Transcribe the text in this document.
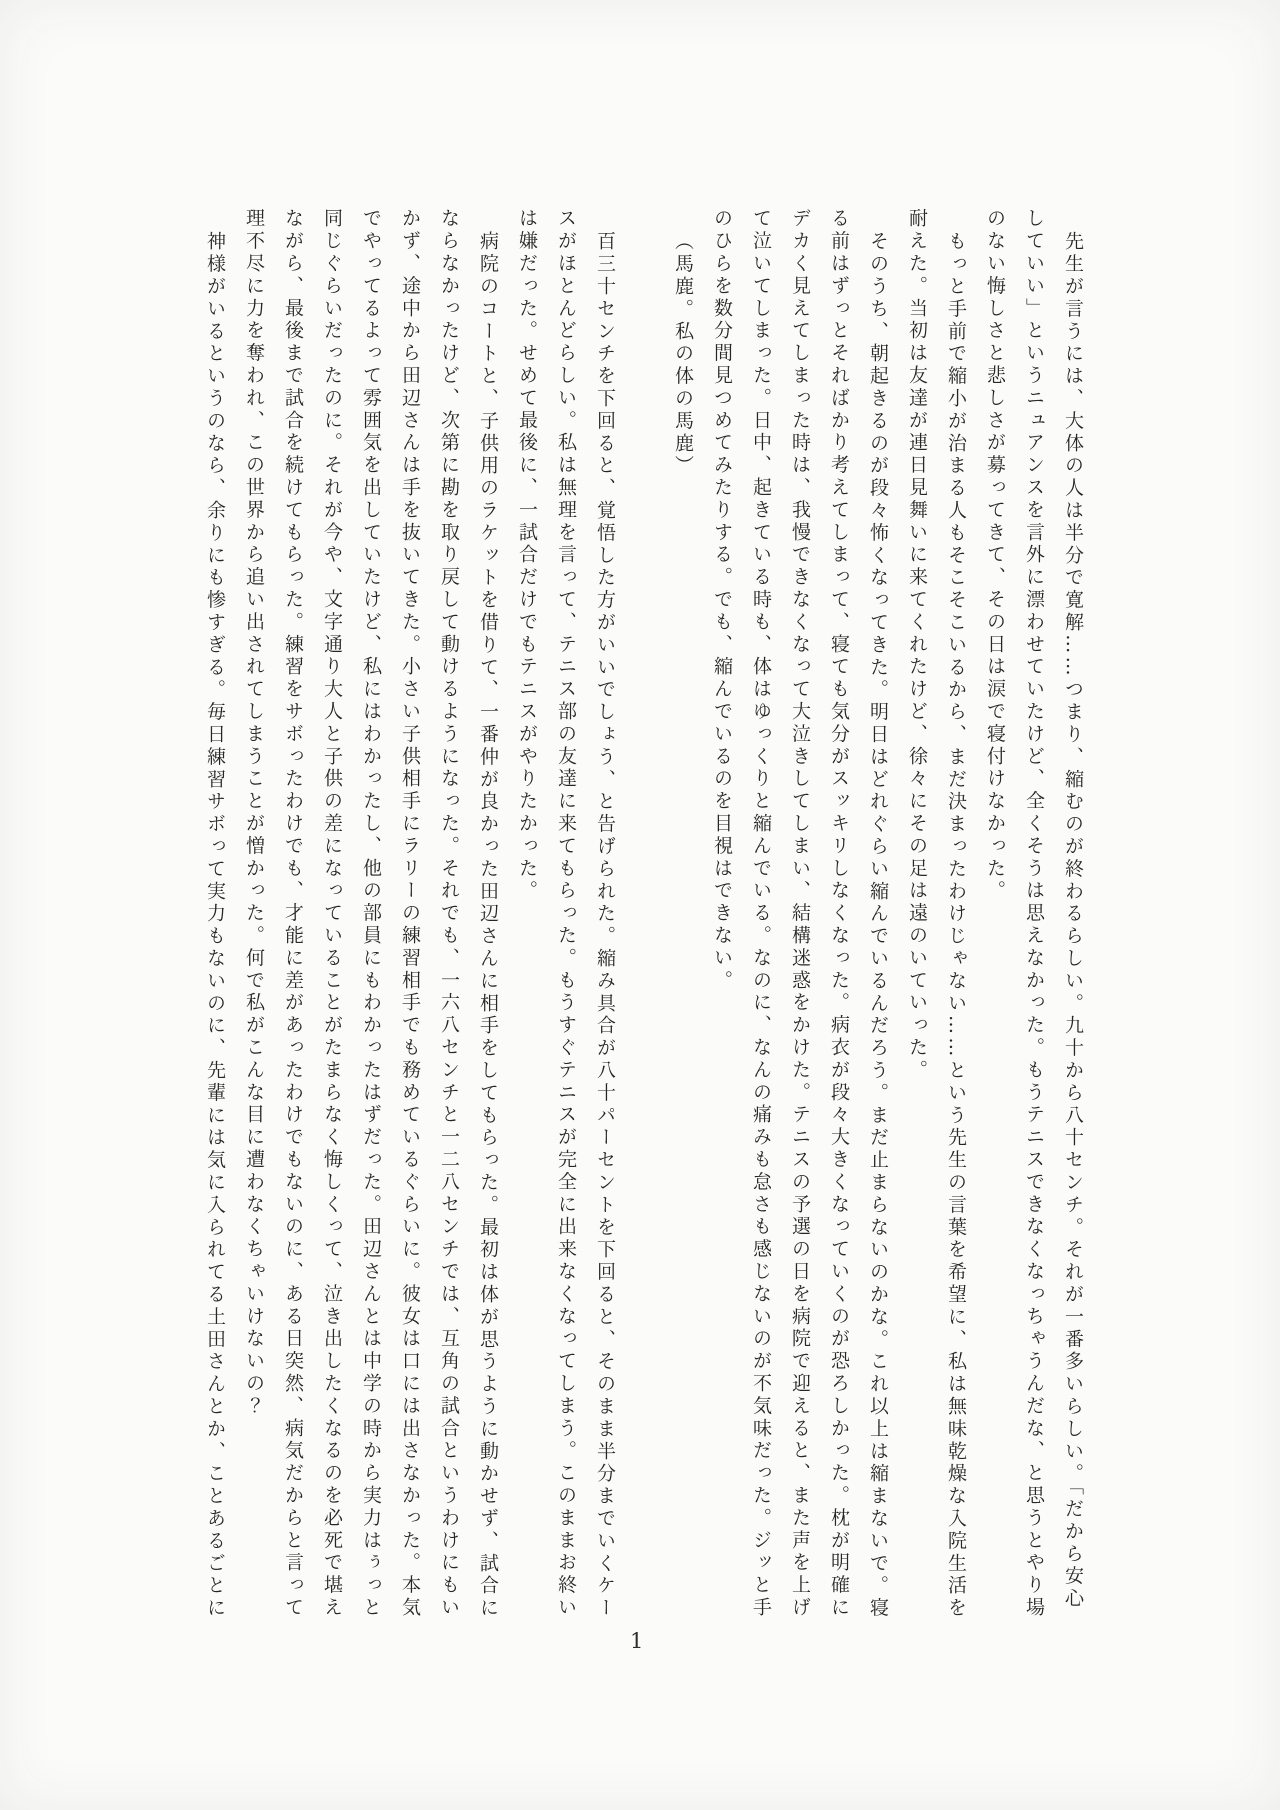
先生が言うには、大体の人は半分で寛解……つまり、縮むのが終わるらしい。九十から八十センチ。それが一番多いらしい。「だから安心していい」というニュアンスを言外に漂わせていたけど、全くそうは思えなかった。もうテニスできなくなっちゃうんだな、と思うとやり場のない悔しさと悲しさが募ってきて、その日は涙で寝付けなかった。

もっと手前で縮小が治まる人もそこそこいるから、まだ決まったわけじゃない……という先生の言葉を希望に、私は無味乾燥な入院生活を耐えた。当初は友達が連日見舞いに来てくれたけど、徐々にその足は遠のいていった。

そのうち、朝起きるのが段々怖くなってきた。明日はどれぐらい縮んでいるんだろう。まだ止まらないのかな。これ以上は縮まないで。寝る前はずっとそればかり考えてしまって、寝ても気分がスッキリしなくなった。病衣が段々大きくなっていくのが恐ろしかった。枕が明確にデカく見えてしまった時は、我慢できなくなって大泣きしてしまい、結構迷惑をかけた。テニスの予選の日を病院で迎えると、また声を上げて泣いてしまった。日中、起きている時も、体はゆっくりと縮んでいる。なのに、なんの痛みも怠さも感じないのが不気味だった。ジッと手のひらを数分間見つめてみたりする。でも、縮んでいるのを目視はできない。

（馬鹿。私の体の馬鹿）

百三十センチを下回ると、覚悟した方がいいでしょう、と告げられた。縮み具合が八十パーセントを下回ると、そのまま半分までいくケースがほとんどらしい。私は無理を言って、テニス部の友達に来てもらった。もうすぐテニスが完全に出来なくなってしまう。このままお終いは嫌だった。せめて最後に、一試合だけでもテニスがやりたかった。

病院のコートと、子供用のラケットを借りて、一番仲が良かった田辺さんに相手をしてもらった。最初は体が思うように動かせず、試合にならなかったけど、次第に勘を取り戻して動けるようになった。それでも、一六八センチと一二八センチでは、互角の試合というわけにもいかず、途中から田辺さんは手を抜いてきた。小さい子供相手にラリーの練習相手でも務めているぐらいに。彼女は口には出さなかった。本気でやってるよって雰囲気を出していたけど、私にはわかったし、他の部員にもわかったはずだった。田辺さんとは中学の時から実力はぅっと同じぐらいだったのに。それが今や、文字通り大人と子供の差になっていることがたまらなく悔しくって、泣き出したくなるのを必死で堪えながら、最後まで試合を続けてもらった。練習をサボったわけでも、才能に差があったわけでもないのに、ある日突然、病気だからと言って理不尽に力を奪われ、この世界から追い出されてしまうことが憎かった。何で私がこんな目に遭わなくちゃいけないの？

神様がいるというのなら、余りにも惨すぎる。毎日練習サボって実力もないのに、先輩には気に入られてる土田さんとか、ことあるごとに

1
